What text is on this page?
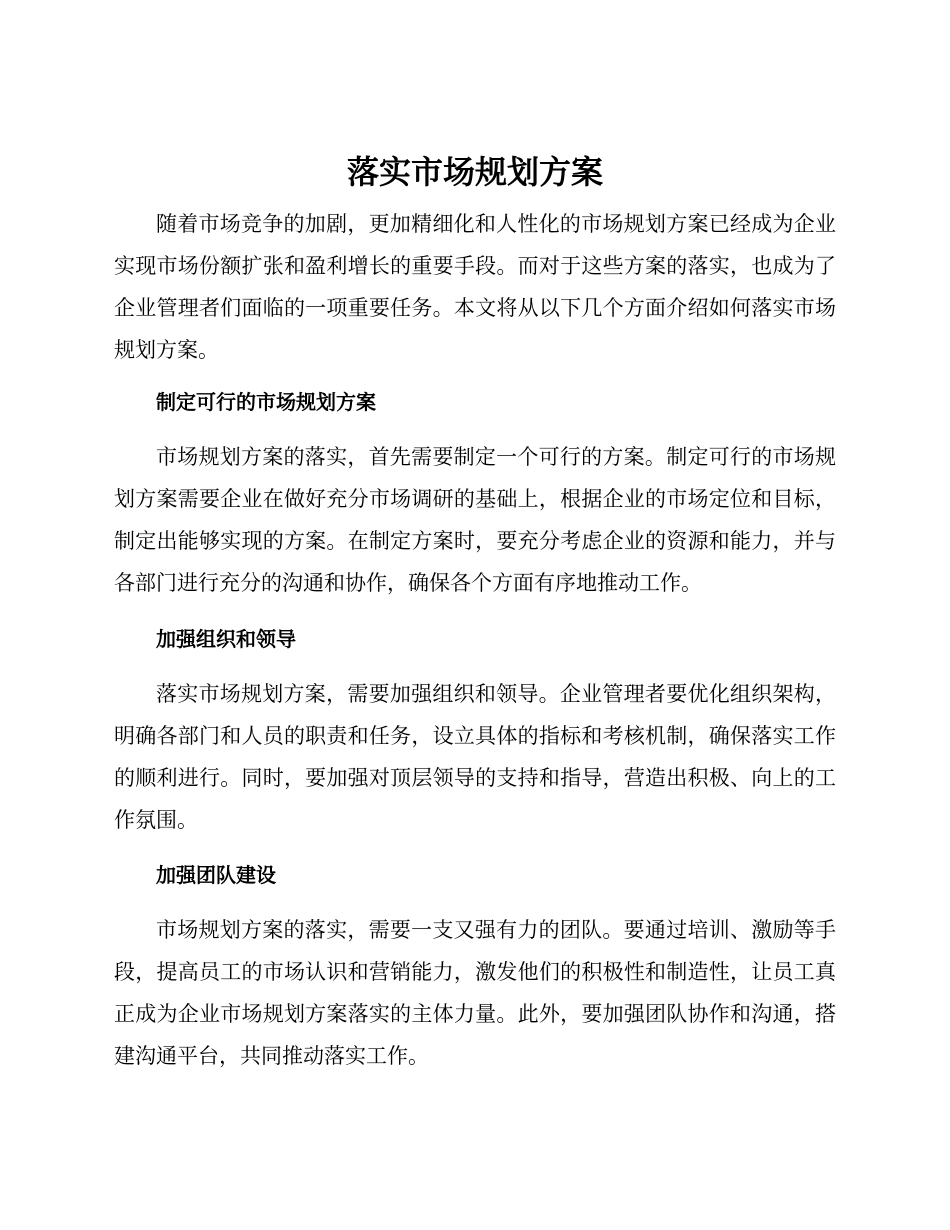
落实市场规划方案

随着市场竞争的加剧，更加精细化和人性化的市场规划方案已经成为企业实现市场份额扩张和盈利增长的重要手段。而对于这些方案的落实，也成为了企业管理者们面临的一项重要任务。本文将从以下几个方面介绍如何落实市场规划方案。

制定可行的市场规划方案

市场规划方案的落实，首先需要制定一个可行的方案。制定可行的市场规划方案需要企业在做好充分市场调研的基础上，根据企业的市场定位和目标，制定出能够实现的方案。在制定方案时，要充分考虑企业的资源和能力，并与各部门进行充分的沟通和协作，确保各个方面有序地推动工作。

加强组织和领导

落实市场规划方案，需要加强组织和领导。企业管理者要优化组织架构，明确各部门和人员的职责和任务，设立具体的指标和考核机制，确保落实工作的顺利进行。同时，要加强对顶层领导的支持和指导，营造出积极、向上的工作氛围。

加强团队建设

市场规划方案的落实，需要一支又强有力的团队。要通过培训、激励等手段，提高员工的市场认识和营销能力，激发他们的积极性和制造性，让员工真正成为企业市场规划方案落实的主体力量。此外，要加强团队协作和沟通，搭建沟通平台，共同推动落实工作。
